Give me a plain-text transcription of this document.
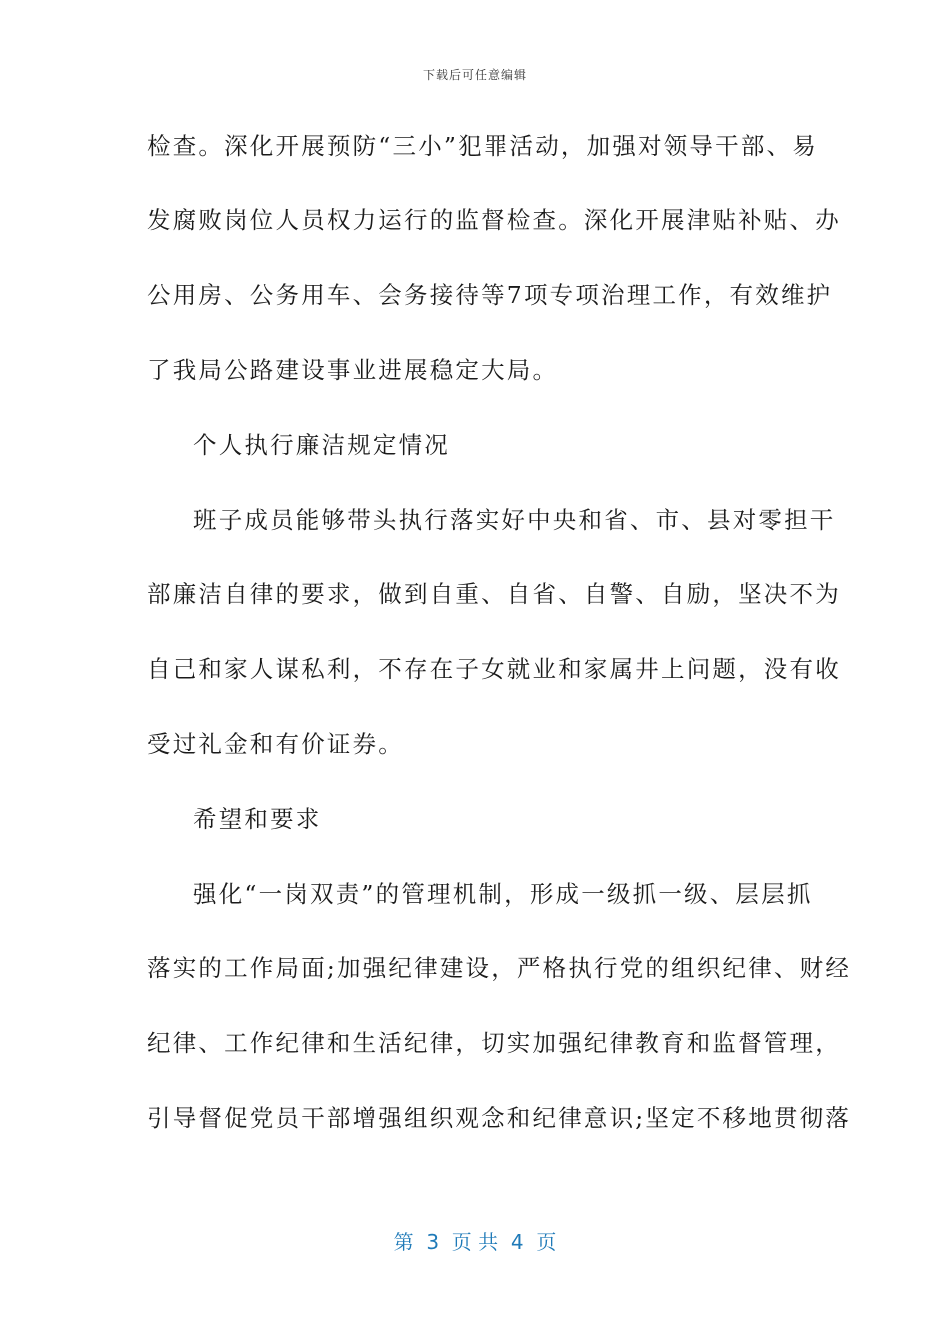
下载后可任意编辑
检查。深化开展预防“三小”犯罪活动，加强对领导干部、易
发腐败岗位人员权力运行的监督检查。深化开展津贴补贴、办
公用房、公务用车、会务接待等7项专项治理工作，有效维护
了我局公路建设事业进展稳定大局。
个人执行廉洁规定情况
班子成员能够带头执行落实好中央和省、市、县对零担干
部廉洁自律的要求，做到自重、自省、自警、自励，坚决不为
自己和家人谋私利，不存在子女就业和家属井上问题，没有收
受过礼金和有价证券。
希望和要求
强化“一岗双责”的管理机制，形成一级抓一级、层层抓
落实的工作局面;加强纪律建设，严格执行党的组织纪律、财经
纪律、工作纪律和生活纪律，切实加强纪律教育和监督管理，
引导督促党员干部增强组织观念和纪律意识;坚定不移地贯彻落
第  3  页 共  4  页
